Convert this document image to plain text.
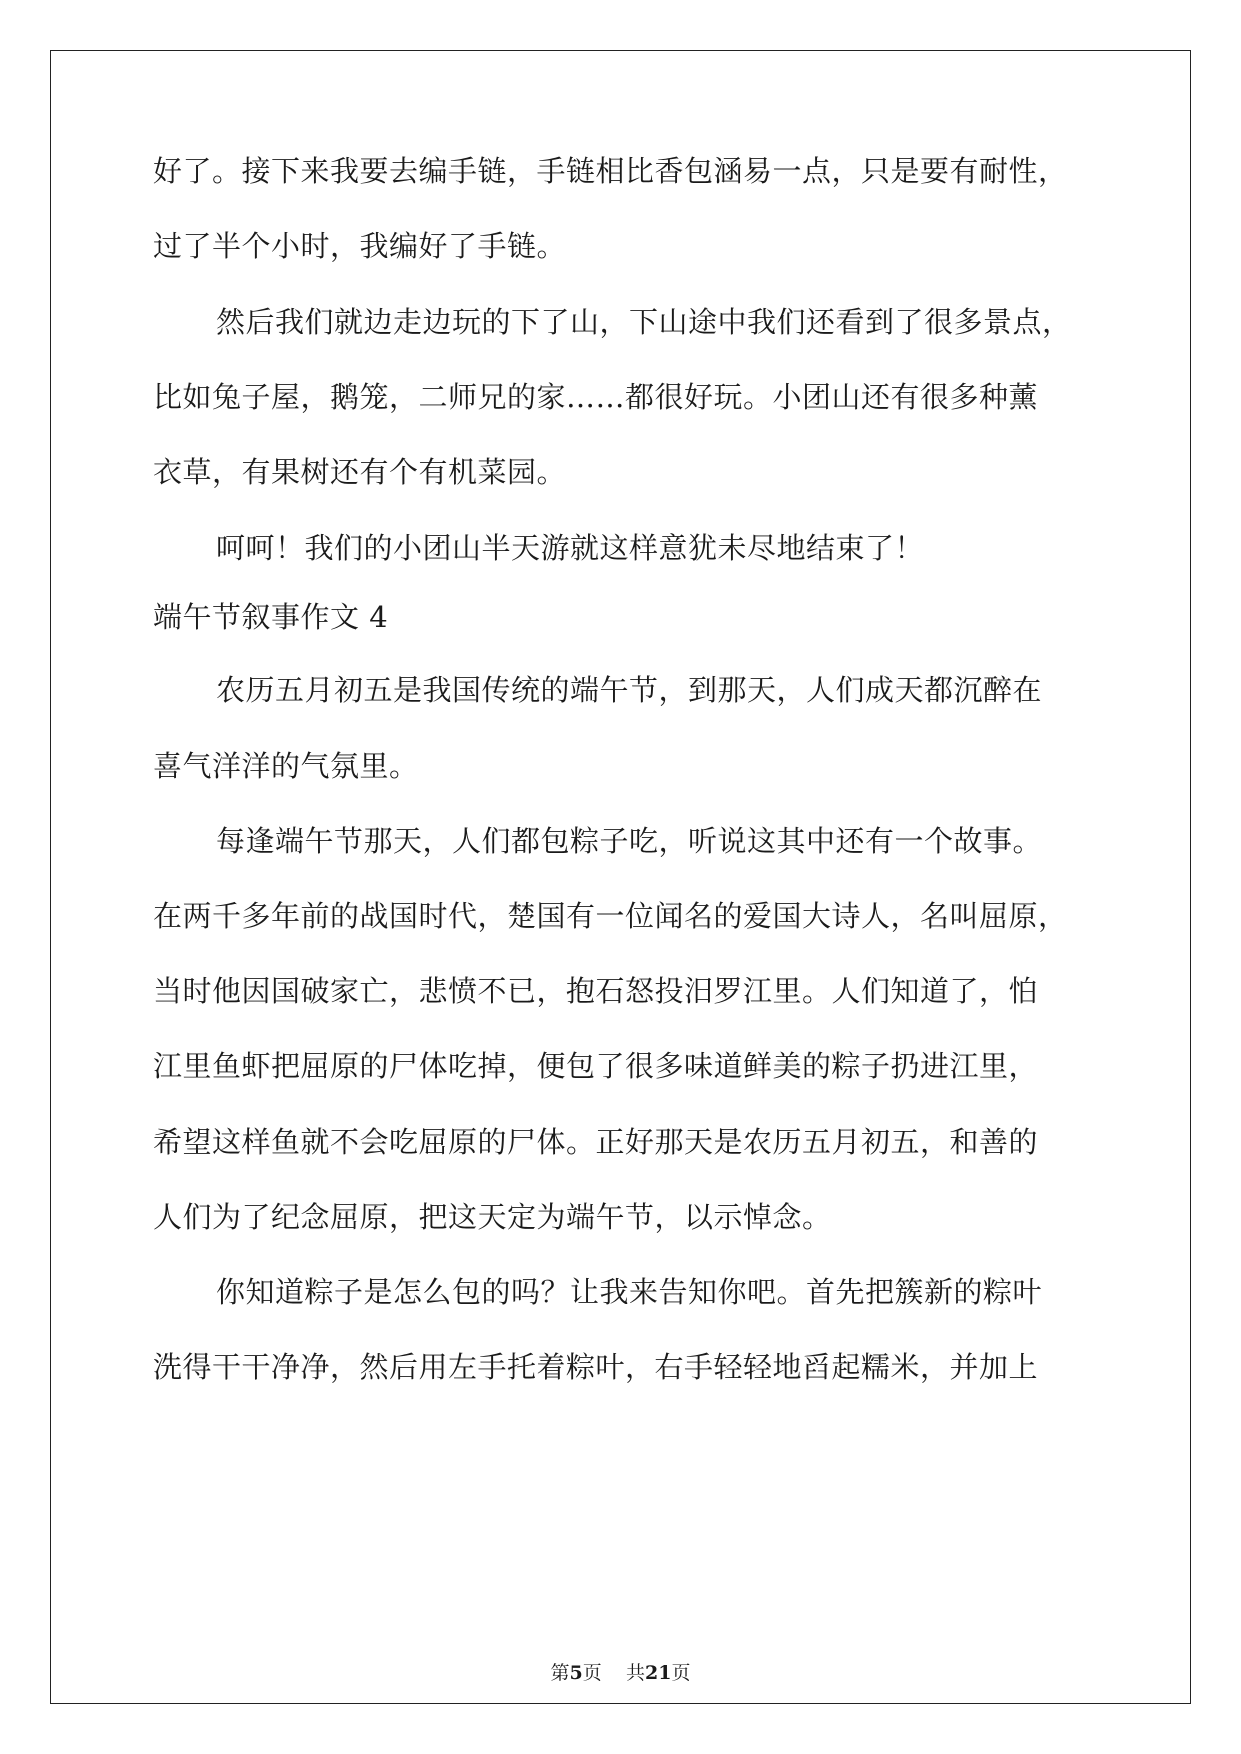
好了。接下来我要去编手链，手链相比香包涵易一点，只是要有耐性，
过了半个小时，我编好了手链。
然后我们就边走边玩的下了山，下山途中我们还看到了很多景点，
比如兔子屋，鹅笼，二师兄的家……都很好玩。小团山还有很多种薰
衣草，有果树还有个有机菜园。
呵呵！我们的小团山半天游就这样意犹未尽地结束了！
端午节叙事作文 4
农历五月初五是我国传统的端午节，到那天，人们成天都沉醉在
喜气洋洋的气氛里。
每逢端午节那天，人们都包粽子吃，听说这其中还有一个故事。
在两千多年前的战国时代，楚国有一位闻名的爱国大诗人，名叫屈原，
当时他因国破家亡，悲愤不已，抱石怒投汨罗江里。人们知道了，怕
江里鱼虾把屈原的尸体吃掉，便包了很多味道鲜美的粽子扔进江里，
希望这样鱼就不会吃屈原的尸体。正好那天是农历五月初五，和善的
人们为了纪念屈原，把这天定为端午节，以示悼念。
你知道粽子是怎么包的吗？让我来告知你吧。首先把簇新的粽叶
洗得干干净净，然后用左手托着粽叶，右手轻轻地舀起糯米，并加上
第5页 共21页
